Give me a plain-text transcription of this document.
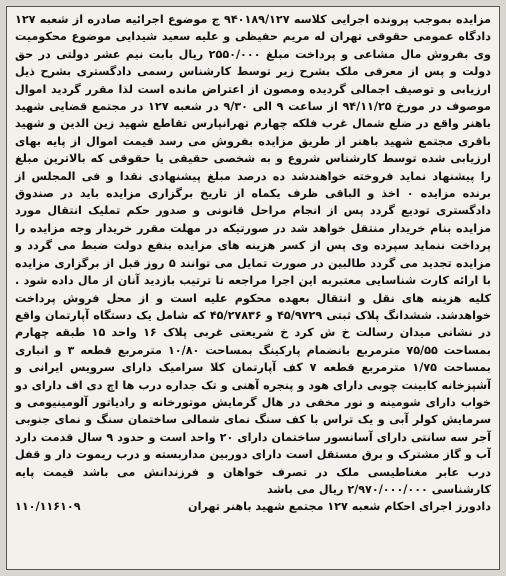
مزایده بموجب پرونده اجرایی کلاسه ۹۴۰۱۸۹/۱۲۷ ج موضوع اجرائیه صادره از شعبه ۱۲۷ دادگاه عمومی حقوقی تهران له مریم حفیظی و علیه سعید شیدایی موضوع محکومیت وی بفروش مال مشاعی و پرداخت مبلغ ۲۵۵۰/۰۰۰ ریال بابت نیم عشر دولتی در حق دولت و پس از معرفی ملک بشرح زیر توسط کارشناس رسمی دادگستری بشرح ذیل ارزیابی و توصیف اجمالی گردیده ومصون از اعتراض مانده است لذا مقرر گردید اموال موصوف در مورخ ۹۴/۱۱/۲۵ از ساعت ۹ الی ۹/۳۰ در شعبه ۱۲۷ در مجتمع قضایی شهید باهنر واقع در ضلع شمال غرب فلکه چهارم تهرانپارس تقاطع شهید زین الدین و شهید باقری مجتمع شهید باهنر از طریق مزایده بفروش می رسد قیمت اموال از پایه بهای ارزیابی شده توسط کارشناس شروع و به شخصی حقیقی یا حقوقی که بالاترین مبلغ را پیشنهاد نماید فروخته خواهندشد ده درصد مبلغ پیشنهادی نقدا و فی المجلس از برنده مزایده ۰ اخذ و الباقی ظرف یکماه از تاریخ برگزاری مزایده باید در صندوق دادگستری تودیع گردد پس از انجام مراحل قانونی و صدور حکم تملیک انتقال مورد مزایده بنام خریدار منتقل خواهد شد در صورتیکه در مهلت مقرر خریدار وجه مزایده را پرداخت ننماید سپرده وی پس از کسر هزینه های مزایده بنفع دولت ضبط می گردد و مزایده تجدید می گردد طالبین در صورت تمایل می توانند ۵ روز قبل از برگزاری مزایده با ارائه کارت شناسایی معتبربه این اجرا مراجعه تا ترتیب بازدید آنان از مال داده شود . کلیه هزینه های نقل و انتقال بعهده محکوم علیه است و از محل فروش پرداخت خواهدشد. ششدانگ پلاک ثبتی ۴۵/۹۷۲۹ و ۴۵/۲۷۸۳۶ که شامل یک دستگاه آپارتمان واقع در نشانی میدان رسالت خ ش کرد خ شریعتی غربی پلاک ۱۶ واحد ۱۵ طبقه چهارم بمساحت ۷۵/۵۵ مترمربع بانضمام پارکینگ بمساحت ۱۰/۸۰ مترمربع قطعه ۳ و انباری بمساحت ۱/۷۵ مترمربع قطعه ۷ کف آپارتمان کلا سرامیک دارای سرویس ایرانی و آشپزخانه کابینت چوبی دارای هود و پنجره آهنی و تک جداره درب ها اچ دی اف دارای دو خواب دارای شومینه و نور مخفی در هال گرمایش موتورخانه و رادیاتور آلومینیومی و سرمایش کولر آبی و یک تراس با کف سنگ نمای شمالی ساختمان سنگ و نمای جنوبی آجر سه سانتی دارای آسانسور ساختمان دارای ۲۰ واحد است و حدود ۹ سال قدمت دارد آب و گاز مشترک و برق مستقل است دارای دوربین مداربسته و درب ریموت دار و قفل درب عابر مغناطیسی ملک در تصرف خواهان و فرزندانش می باشد قیمت پایه کارشناسی ۲/۹۷۰/۰۰۰/۰۰۰ ریال می باشد

دادورز اجرای احکام شعبه ۱۲۷ مجتمع شهید باهنر تهران
۱۱۰/۱۱۶۱۰۹
